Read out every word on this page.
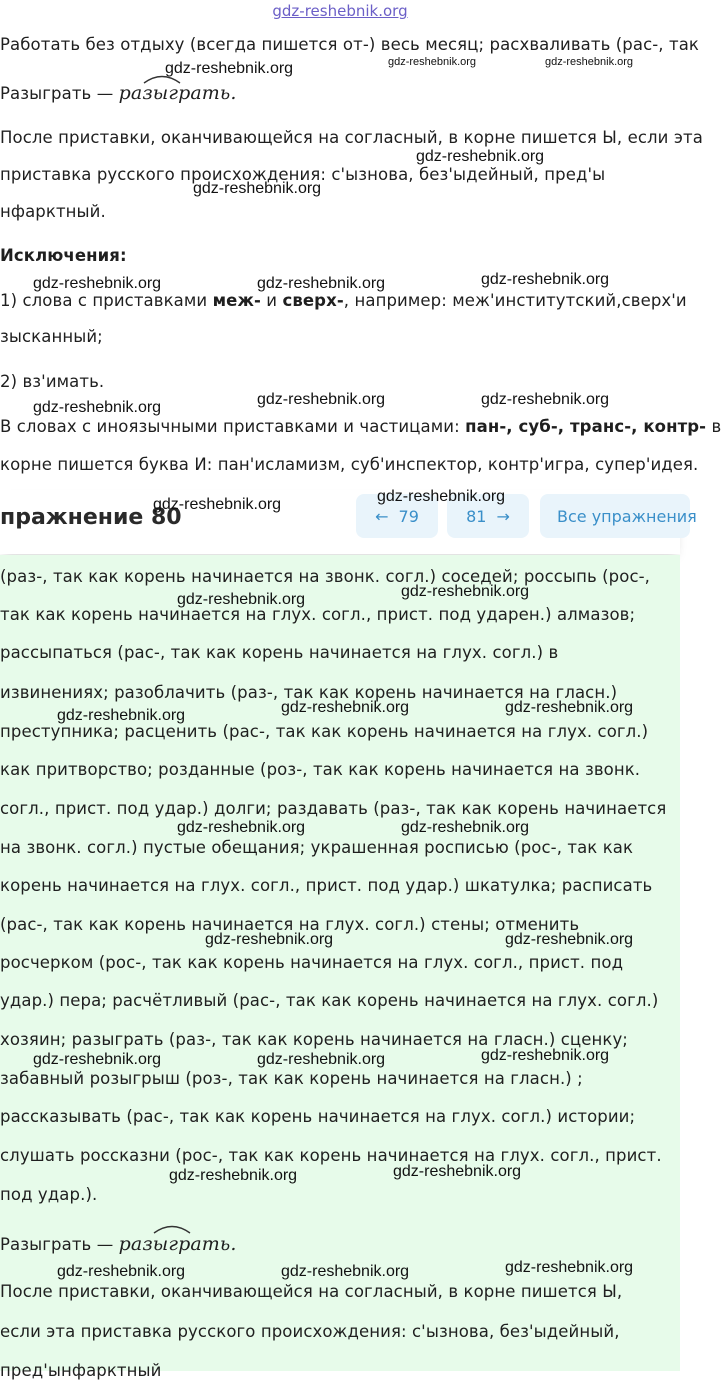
gdz-reshebnik.org
Работать без отдыху (всегда пишется от-) весь месяц; расхваливать (рас-, так
Разыграть — разыграть.
После приставки, оканчивающейся на согласный, в корне пишется Ы, если эта
приставка русского происхождения: с'ызнова, без'ыдейный, пред'ы
нфарктный.
Исключения:
1) слова с приставками меж- и сверх-, например: меж'институтский,сверх'и
зысканный;
2) вз'имать.
В словах с иноязычными приставками и частицами: пан-, суб-, транс-, контр- в
корне пишется буква И: пан'исламизм, суб'инспектор, контр'игра, супер'идея.
пражнение 80	← 79	81 →	Все упражнения
(раз-, так как корень начинается на звонк. согл.) соседей; россыпь (рос-,
так как корень начинается на глух. согл., прист. под ударен.) алмазов;
рассыпаться (рас-, так как корень начинается на глух. согл.) в
извинениях; разоблачить (раз-, так как корень начинается на гласн.)
преступника; расценить (рас-, так как корень начинается на глух. согл.)
как притворство; розданные (роз-, так как корень начинается на звонк.
согл., прист. под удар.) долги; раздавать (раз-, так как корень начинается
на звонк. согл.) пустые обещания; украшенная росписью (рос-, так как
корень начинается на глух. согл., прист. под удар.) шкатулка; расписать
(рас-, так как корень начинается на глух. согл.) стены; отменить
росчерком (рос-, так как корень начинается на глух. согл., прист. под
удар.) пера; расчётливый (рас-, так как корень начинается на глух. согл.)
хозяин; разыграть (раз-, так как корень начинается на гласн.) сценку;
забавный розыгрыш (роз-, так как корень начинается на гласн.) ;
рассказывать (рас-, так как корень начинается на глух. согл.) истории;
слушать россказни (рос-, так как корень начинается на глух. согл., прист.
под удар.).
Разыграть — разыграть.
После приставки, оканчивающейся на согласный, в корне пишется Ы,
если эта приставка русского происхождения: с'ызнова, без'ыдейный,
пред'ынфарктный
gdz-reshebnik.org	gdz-reshebnik.org	gdz-reshebnik.org
gdz-reshebnik.org
gdz-reshebnik.org
gdz-reshebnik.org	gdz-reshebnik.org	gdz-reshebnik.org
gdz-reshebnik.org	gdz-reshebnik.org	gdz-reshebnik.org
gdz-reshebnik.org	gdz-reshebnik.org
gdz-reshebnik.org	gdz-reshebnik.org
gdz-reshebnik.org	gdz-reshebnik.org	gdz-reshebnik.org
gdz-reshebnik.org	gdz-reshebnik.org
gdz-reshebnik.org	gdz-reshebnik.org
gdz-reshebnik.org	gdz-reshebnik.org	gdz-reshebnik.org
gdz-reshebnik.org	gdz-reshebnik.org
gdz-reshebnik.org	gdz-reshebnik.org	gdz-reshebnik.org
